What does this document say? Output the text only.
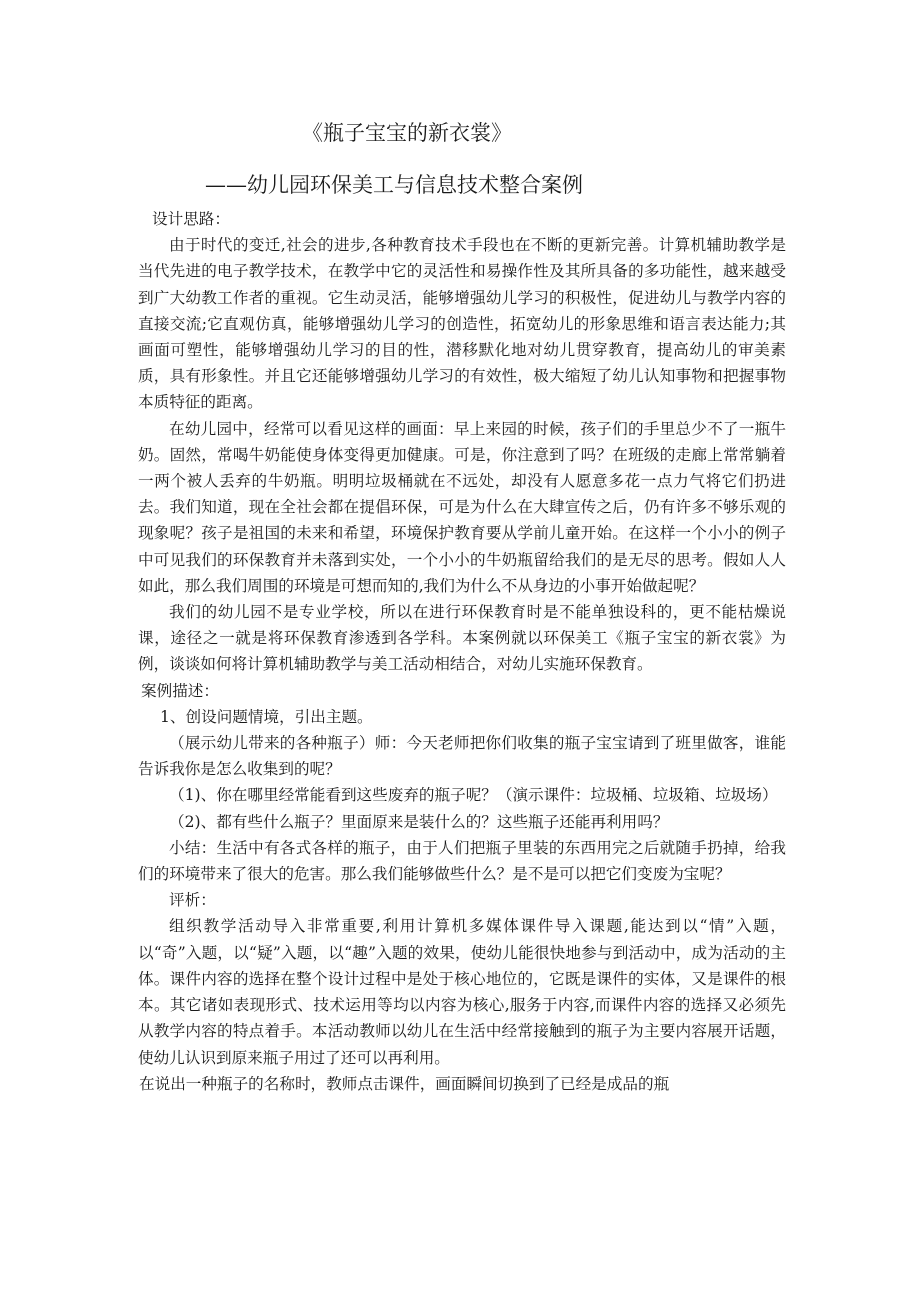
《瓶子宝宝的新衣裳》
——幼儿园环保美工与信息技术整合案例

设计思路：

由于时代的变迁,社会的进步,各种教育技术手段也在不断的更新完善。计算机辅助教学是当代先进的电子教学技术，在教学中它的灵活性和易操作性及其所具备的多功能性，越来越受到广大幼教工作者的重视。它生动灵活，能够增强幼儿学习的积极性，促进幼儿与教学内容的直接交流;它直观仿真，能够增强幼儿学习的创造性，拓宽幼儿的形象思维和语言表达能力;其画面可塑性，能够增强幼儿学习的目的性，潜移默化地对幼儿贯穿教育，提高幼儿的审美素质，具有形象性。并且它还能够增强幼儿学习的有效性，极大缩短了幼儿认知事物和把握事物本质特征的距离。

在幼儿园中，经常可以看见这样的画面：早上来园的时候，孩子们的手里总少不了一瓶牛奶。固然，常喝牛奶能使身体变得更加健康。可是，你注意到了吗？在班级的走廊上常常躺着一两个被人丢弃的牛奶瓶。明明垃圾桶就在不远处，却没有人愿意多花一点力气将它们扔进去。我们知道，现在全社会都在提倡环保，可是为什么在大肆宣传之后，仍有许多不够乐观的现象呢？孩子是祖国的未来和希望，环境保护教育要从学前儿童开始。在这样一个小小的例子中可见我们的环保教育并未落到实处，一个小小的牛奶瓶留给我们的是无尽的思考。假如人人如此，那么我们周围的环境是可想而知的,我们为什么不从身边的小事开始做起呢？

我们的幼儿园不是专业学校，所以在进行环保教育时是不能单独设科的，更不能枯燥说课，途径之一就是将环保教育渗透到各学科。本案例就以环保美工《瓶子宝宝的新衣裳》为例，谈谈如何将计算机辅助教学与美工活动相结合，对幼儿实施环保教育。

案例描述：

1、创设问题情境，引出主题。

（展示幼儿带来的各种瓶子）师：今天老师把你们收集的瓶子宝宝请到了班里做客，谁能告诉我你是怎么收集到的呢？

（1)、你在哪里经常能看到这些废弃的瓶子呢？（演示课件：垃圾桶、垃圾箱、垃圾场）

（2)、都有些什么瓶子？里面原来是装什么的？这些瓶子还能再利用吗？

小结：生活中有各式各样的瓶子，由于人们把瓶子里装的东西用完之后就随手扔掉，给我们的环境带来了很大的危害。那么我们能够做些什么？是不是可以把它们变废为宝呢？

评析：

组织教学活动导入非常重要,利用计算机多媒体课件导入课题,能达到以“情”入题，以“奇”入题，以“疑”入题，以“趣”入题的效果，使幼儿能很快地参与到活动中，成为活动的主体。课件内容的选择在整个设计过程中是处于核心地位的，它既是课件的实体，又是课件的根本。其它诸如表现形式、技术运用等均以内容为核心,服务于内容,而课件内容的选择又必须先从教学内容的特点着手。本活动教师以幼儿在生活中经常接触到的瓶子为主要内容展开话题，使幼儿认识到原来瓶子用过了还可以再利用。

在说出一种瓶子的名称时，教师点击课件，画面瞬间切换到了已经是成品的瓶
